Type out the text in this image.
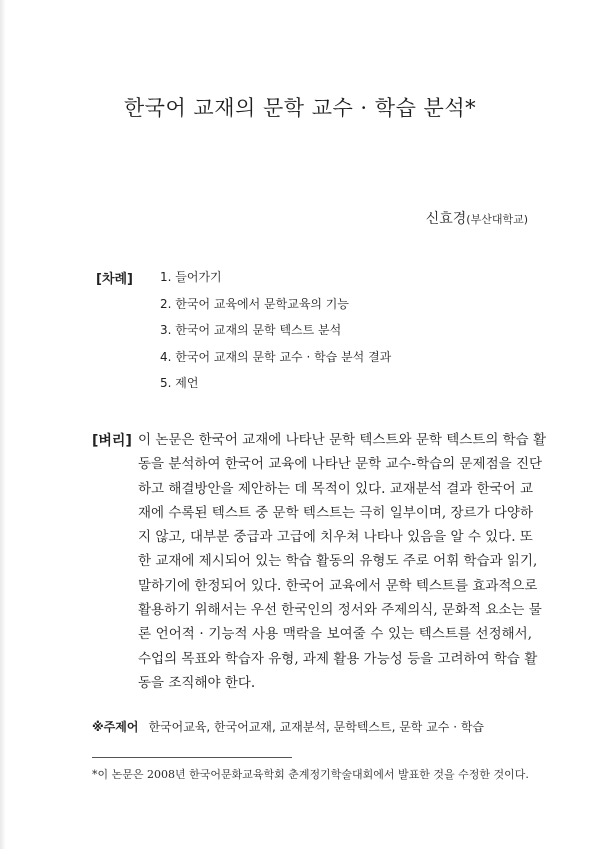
한국어 교재의 문학 교수 · 학습 분석*
신효경(부산대학교)
[차례] 1. 들어가기
2. 한국어 교육에서 문학교육의 기능
3. 한국어 교재의 문학 텍스트 분석
4. 한국어 교재의 문학 교수 · 학습 분석 결과
5. 제언
[벼리] 이 논문은 한국어 교재에 나타난 문학 텍스트와 문학 텍스트의 학습 활
동을 분석하여 한국어 교육에 나타난 문학 교수-학습의 문제점을 진단
하고 해결방안을 제안하는 데 목적이 있다. 교재분석 결과 한국어 교
재에 수록된 텍스트 중 문학 텍스트는 극히 일부이며, 장르가 다양하
지 않고, 대부분 중급과 고급에 치우쳐 나타나 있음을 알 수 있다. 또
한 교재에 제시되어 있는 학습 활동의 유형도 주로 어휘 학습과 읽기,
말하기에 한정되어 있다. 한국어 교육에서 문학 텍스트를 효과적으로
활용하기 위해서는 우선 한국인의 정서와 주제의식, 문화적 요소는 물
론 언어적 · 기능적 사용 맥락을 보여줄 수 있는 텍스트를 선정해서,
수업의 목표와 학습자 유형, 과제 활용 가능성 등을 고려하여 학습 활
동을 조직해야 한다.

※주제어 한국어교육, 한국어교재, 교재분석, 문학텍스트, 문학 교수 · 학습
*이 논문은 2008년 한국어문화교육학회 춘계정기학술대회에서 발표한 것을 수정한 것이다.
